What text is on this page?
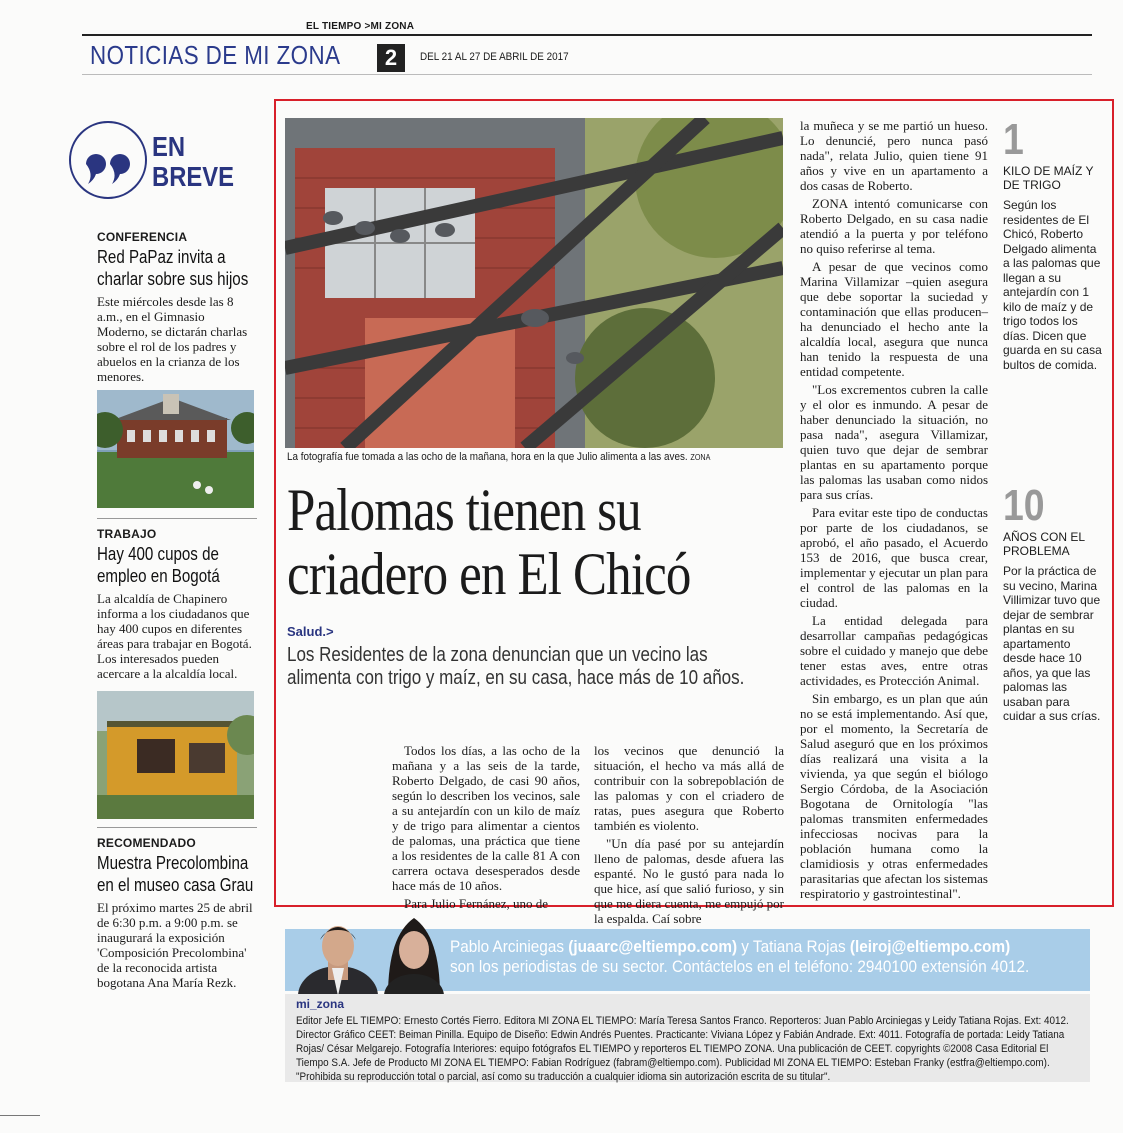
EL TIEMPO >MI ZONA
NOTICIAS DE MI ZONA	2	DEL 21 AL 27 DE ABRIL DE 2017
EN
BREVE
CONFERENCIA
Red PaPaz invita a charlar sobre sus hijos
Este miércoles desde las 8 a.m., en el Gimnasio Moderno, se dictarán charlas sobre el rol de los padres y abuelos en la crianza de los menores.
TRABAJO
Hay 400 cupos de empleo en Bogotá
La alcaldía de Chapinero informa a los ciudadanos que hay 400 cupos en diferentes áreas para trabajar en Bogotá. Los interesados pueden acercare a la alcaldía local.
RECOMENDADO
Muestra Precolombina en el museo casa Grau
El próximo martes 25 de abril de 6:30 p.m. a 9:00 p.m. se inaugurará la exposición 'Composición Precolombina' de la reconocida artista bogotana Ana María Rezk.
La fotografía fue tomada a las ocho de la mañana, hora en la que Julio alimenta a las aves. ZONA
Palomas tienen su
criadero en El Chicó
Salud.>
Los Residentes de la zona denuncian que un vecino las alimenta con trigo y maíz, en su casa, hace más de 10 años.

Todos los días, a las ocho de la mañana y a las seis de la tarde, Roberto Delgado, de casi 90 años, según lo describen los vecinos, sale a su antejardín con un kilo de maíz y de trigo para alimentar a cientos de palomas, una práctica que tiene a los residentes de la calle 81 A con carrera octava desesperados desde hace más de 10 años.

Para Julio Fernánez, uno de

los vecinos que denunció la situación, el hecho va más allá de contribuir con la sobrepoblación de las palomas y con el criadero de ratas, pues asegura que Roberto también es violento.

"Un día pasé por su antejardín lleno de palomas, desde afuera las espanté. No le gustó para nada lo que hice, así que salió furioso, y sin que me diera cuenta, me empujó por la espalda. Caí sobre

la muñeca y se me partió un hueso. Lo denuncié, pero nunca pasó nada", relata Julio, quien tiene 91 años y vive en un apartamento a dos casas de Roberto.

ZONA intentó comunicarse con Roberto Delgado, en su casa nadie atendió a la puerta y por teléfono no quiso referirse al tema.

A pesar de que vecinos como Marina Villamizar –quien asegura que debe soportar la suciedad y contaminación que ellas producen– ha denunciado el hecho ante la alcaldía local, asegura que nunca han tenido la respuesta de una entidad competente.

"Los excrementos cubren la calle y el olor es inmundo. A pesar de haber denunciado la situación, no pasa nada", asegura Villamizar, quien tuvo que dejar de sembrar plantas en su apartamento porque las palomas las usaban como nidos para sus crías.

Para evitar este tipo de conductas por parte de los ciudadanos, se aprobó, el año pasado, el Acuerdo 153 de 2016, que busca crear, implementar y ejecutar un plan para el control de las palomas en la ciudad.

La entidad delegada para desarrollar campañas pedagógicas sobre el cuidado y manejo que debe tener estas aves, entre otras actividades, es Protección Animal.

Sin embargo, es un plan que aún no se está implementando. Así que, por el momento, la Secretaría de Salud aseguró que en los próximos días realizará una visita a la vivienda, ya que según el biólogo Sergio Córdoba, de la Asociación Bogotana de Ornitología "las palomas transmiten enfermedades infecciosas nocivas para la población humana como la clamidiosis y otras enfermedades parasitarias que afectan los sistemas respiratorio y gastrointestinal".

1
KILO DE MAÍZ Y DE TRIGO
Según los residentes de El Chicó, Roberto Delgado alimenta a las palomas que llegan a su antejardín con 1 kilo de maíz y de trigo todos los días. Dicen que guarda en su casa bultos de comida.
10
AÑOS CON EL PROBLEMA
Por la práctica de su vecino, Marina Villimizar tuvo que dejar de sembrar plantas en su apartamento desde hace 10 años, ya que las palomas las usaban para cuidar a sus crías.
Pablo Arciniegas (juaarc@eltiempo.com) y Tatiana Rojas (leiroj@eltiempo.com)
son los periodistas de su sector. Contáctelos en el teléfono: 2940100 extensión 4012.
mi_zona
Editor Jefe EL TIEMPO: Ernesto Cortés Fierro. Editora MI ZONA EL TIEMPO: María Teresa Santos Franco. Reporteros: Juan Pablo Arciniegas y Leidy Tatiana Rojas. Ext: 4012. Director Gráfico CEET: Beiman Pinilla. Equipo de Diseño: Edwin Andrés Puentes. Practicante: Viviana López y Fabián Andrade. Ext: 4011. Fotografía de portada: Leidy Tatiana Rojas/ César Melgarejo. Fotografía Interiores: equipo fotógrafos EL TIEMPO y reporteros EL TIEMPO ZONA. Una publicación de CEET. copyrights ©2008 Casa Editorial El Tiempo S.A. Jefe de Producto MI ZONA EL TIEMPO: Fabian Rodríguez (fabram@eltiempo.com). Publicidad MI ZONA EL TIEMPO: Esteban Franky (estfra@eltiempo.com). "Prohibida su reproducción total o parcial, así como su traducción a cualquier idioma sin autorización escrita de su titular".
